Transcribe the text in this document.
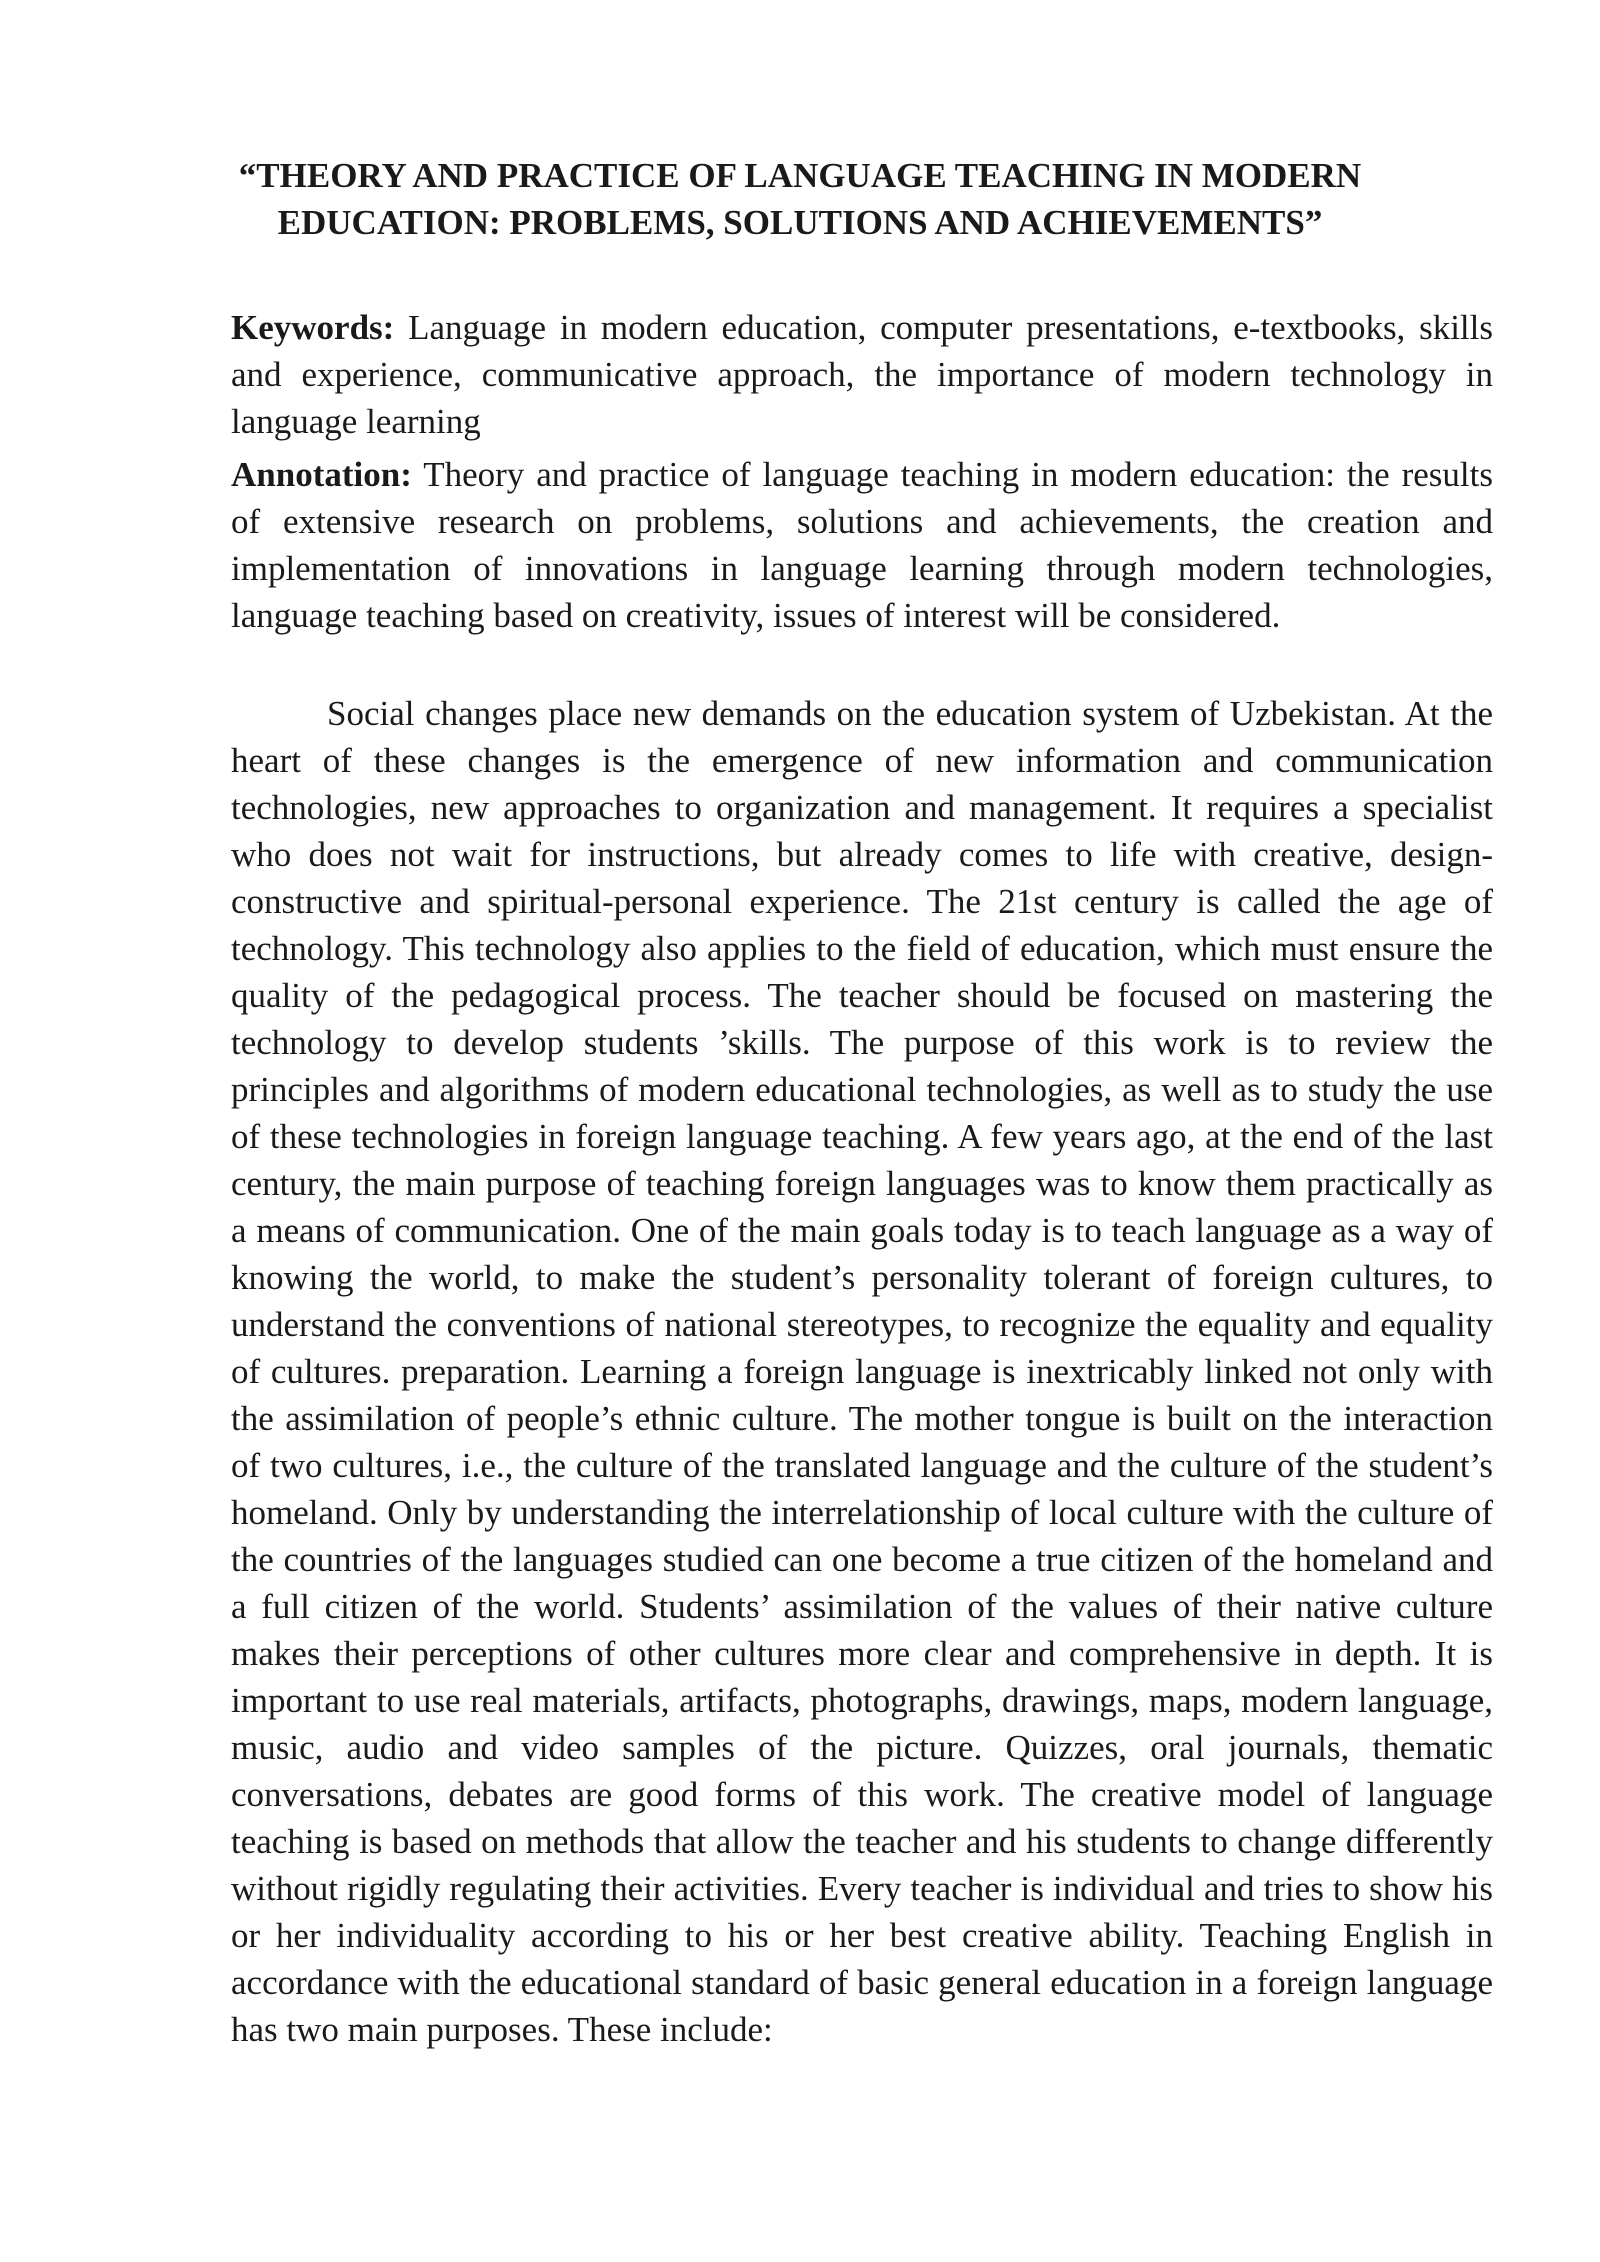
“THEORY AND PRACTICE OF LANGUAGE TEACHING IN MODERN EDUCATION: PROBLEMS, SOLUTIONS AND ACHIEVEMENTS”

Keywords: Language in modern education, computer presentations, e-textbooks, skills and experience, communicative approach, the importance of modern technology in language learning

Annotation: Theory and practice of language teaching in modern education: the results of extensive research on problems, solutions and achievements, the creation and implementation of innovations in language learning through modern technologies, language teaching based on creativity, issues of interest will be considered.

Social changes place new demands on the education system of Uzbekistan. At the heart of these changes is the emergence of new information and communication technologies, new approaches to organization and management. It requires a specialist who does not wait for instructions, but already comes to life with creative, design-constructive and spiritual-personal experience. The 21st century is called the age of technology. This technology also applies to the field of education, which must ensure the quality of the pedagogical process. The teacher should be focused on mastering the technology to develop students ’skills. The purpose of this work is to review the principles and algorithms of modern educational technologies, as well as to study the use of these technologies in foreign language teaching. A few years ago, at the end of the last century, the main purpose of teaching foreign languages was to know them practically as a means of communication. One of the main goals today is to teach language as a way of knowing the world, to make the student’s personality tolerant of foreign cultures, to understand the conventions of national stereotypes, to recognize the equality and equality of cultures. preparation. Learning a foreign language is inextricably linked not only with the assimilation of people’s ethnic culture. The mother tongue is built on the interaction of two cultures, i.e., the culture of the translated language and the culture of the student’s homeland. Only by understanding the interrelationship of local culture with the culture of the countries of the languages studied can one become a true citizen of the homeland and a full citizen of the world. Students’ assimilation of the values of their native culture makes their perceptions of other cultures more clear and comprehensive in depth. It is important to use real materials, artifacts, photographs, drawings, maps, modern language, music, audio and video samples of the picture. Quizzes, oral journals, thematic conversations, debates are good forms of this work. The creative model of language teaching is based on methods that allow the teacher and his students to change differently without rigidly regulating their activities. Every teacher is individual and tries to show his or her individuality according to his or her best creative ability. Teaching English in accordance with the educational standard of basic general education in a foreign language has two main purposes. These include:
